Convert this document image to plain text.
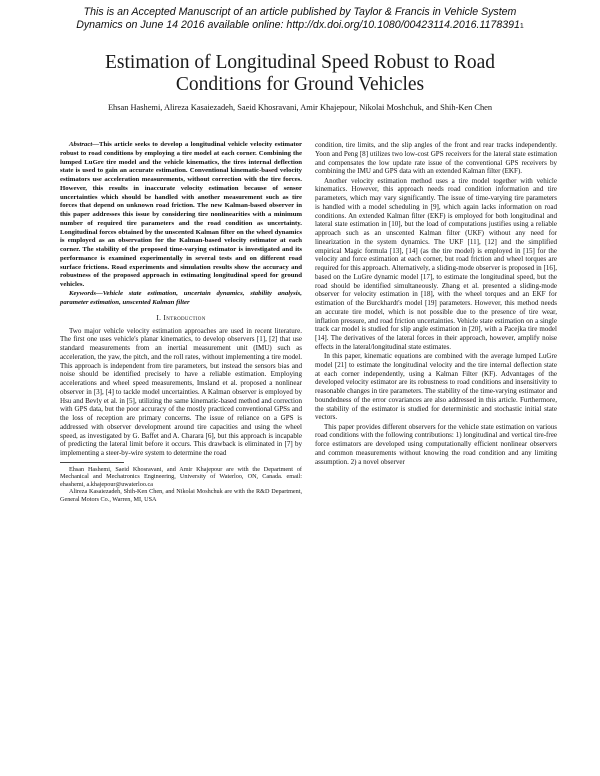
This is an Accepted Manuscript of an article published by Taylor & Francis in Vehicle System
Dynamics on June 14 2016 available online: http://dx.doi.org/10.1080/00423114.2016.11783911
Estimation of Longitudinal Speed Robust to Road
Conditions for Ground Vehicles
Ehsan Hashemi, Alireza Kasaiezadeh, Saeid Khosravani, Amir Khajepour, Nikolai Moshchuk, and Shih-Ken Chen

Abstract—This article seeks to develop a longitudinal vehicle velocity estimator robust to road conditions by employing a tire model at each corner. Combining the lumped LuGre tire model and the vehicle kinematics, the tires internal deflection state is used to gain an accurate estimation. Conventional kinematic-based velocity estimators use acceleration measurements, without correction with the tire forces. However, this results in inaccurate velocity estimation because of sensor uncertainties which should be handled with another measurement such as tire forces that depend on unknown road friction. The new Kalman-based observer in this paper addresses this issue by considering tire nonlinearities with a minimum number of required tire parameters and the road condition as uncertainty. Longitudinal forces obtained by the unscented Kalman filter on the wheel dynamics is employed as an observation for the Kalman-based velocity estimator at each corner. The stability of the proposed time-varying estimator is investigated and its performance is examined experimentally in several tests and on different road surface frictions. Road experiments and simulation results show the accuracy and robustness of the proposed approach in estimating longitudinal speed for ground vehicles.

Keywords—Vehicle state estimation, uncertain dynamics, stability analysis, parameter estimation, unscented Kalman filter

I. Introduction

Two major vehicle velocity estimation approaches are used in recent literature. The first one uses vehicle's planar kinematics, to develop observers [1], [2] that use standard measurements from an inertial measurement unit (IMU) such as acceleration, the yaw, the pitch, and the roll rates, without implementing a tire model. This approach is independent from tire parameters, but instead the sensors bias and noise should be identified precisely to have a reliable estimation. Employing accelerations and wheel speed measurements, Imsland et al. proposed a nonlinear observer in [3], [4] to tackle model uncertainties. A Kalman observer is employed by Hsu and Bevly et al. in [5], utilizing the same kinematic-based method and correction with GPS data, but the poor accuracy of the mostly practiced conventional GPSs and the loss of reception are primary concerns. The issue of reliance on a GPS is addressed with observer development around tire capacities and using the wheel speed, as investigated by G. Baffet and A. Charara [6], but this approach is incapable of predicting the lateral limit before it occurs. This drawback is eliminated in [7] by implementing a steer-by-wire system to determine the road

Ehsan Hashemi, Saeid Khosravani, and Amir Khajepour are with the Department of Mechanical and Mechatronics Engineering, University of Waterloo, ON, Canada. email: ehashemi, a.khajepour@uwaterloo.ca

Alireza Kasaiezadeh, Shih-Ken Chen, and Nikolai Moshchuk are with the R&D Department, General Motors Co., Warren, MI, USA

condition, tire limits, and the slip angles of the front and rear tracks independently. Yoon and Peng [8] utilizes two low-cost GPS receivers for the lateral state estimation and compensates the low update rate issue of the conventional GPS receivers by combining the IMU and GPS data with an extended Kalman filter (EKF).

Another velocity estimation method uses a tire model together with vehicle kinematics. However, this approach needs road condition information and tire parameters, which may vary significantly. The issue of time-varying tire parameters is handled with a model scheduling in [9], which again lacks information on road conditions. An extended Kalman filter (EKF) is employed for both longitudinal and lateral state estimation in [10], but the load of computations justifies using a reliable approach such as an unscented Kalman filter (UKF) without any need for linearization in the system dynamics. The UKF [11], [12] and the simplified empirical Magic formula [13], [14] (as the tire model) is employed in [15] for the velocity and force estimation at each corner, but road friction and wheel torques are required for this approach. Alternatively, a sliding-mode observer is proposed in [16], based on the LuGre dynamic model [17], to estimate the longitudinal speed, but the road should be identified simultaneously. Zhang et al. presented a sliding-mode observer for velocity estimation in [18], with the wheel torques and an EKF for estimation of the Burckhardt's model [19] parameters. However, this method needs an accurate tire model, which is not possible due to the presence of tire wear, inflation pressure, and road friction uncertainties. Vehicle state estimation on a single track car model is studied for slip angle estimation in [20], with a Pacejka tire model [14]. The derivatives of the lateral forces in their approach, however, amplify noise effects in the lateral/longitudinal state estimates.

In this paper, kinematic equations are combined with the average lumped LuGre model [21] to estimate the longitudinal velocity and the tire internal deflection state at each corner independently, using a Kalman Filter (KF). Advantages of the developed velocity estimator are its robustness to road conditions and insensitivity to reasonable changes in tire parameters. The stability of the time-varying estimator and boundedness of the error covariances are also addressed in this article. Furthermore, the stability of the estimator is studied for deterministic and stochastic initial state vectors.

This paper provides different observers for the vehicle state estimation on various road conditions with the following contributions: 1) longitudinal and vertical tire-free force estimators are developed using computationally efficient nonlinear observers and common measurements without knowing the road condition and any limiting assumption. 2) a novel observer
